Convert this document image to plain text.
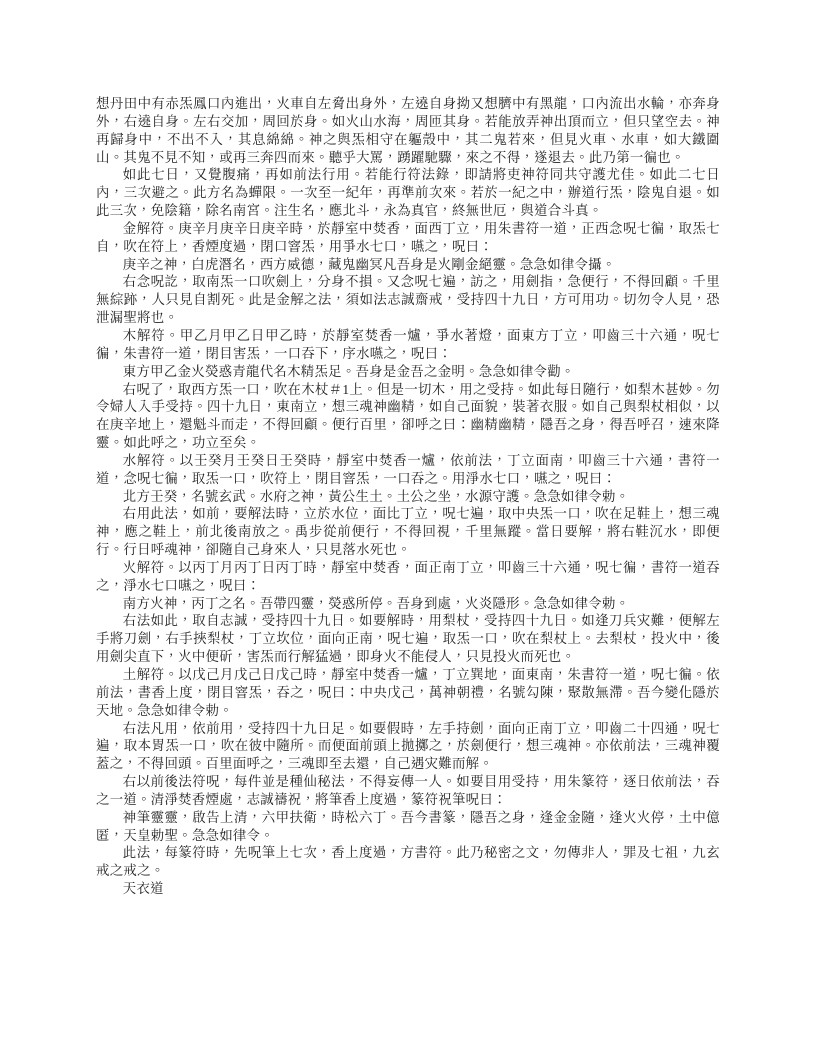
想丹田中有赤炁鳳口內進出，火車自左脅出身外，左遶自身拗又想臍中有黑龍，口內流出水輪，亦奔身外，右遶自身。左右交加，周回於身。如火山水海，周匝其身。若能放弄神出頂而立，但只望空去。神再歸身中，不出不入，其息綿綿。神之與炁相守在軀殼中，其二鬼若來，但見火車、水車，如大鐵圍山。其鬼不見不知，或再三奔四而來。聽乎大罵，踴躍馳驟，來之不得，遂退去。此乃第一徧也。

如此七日，又覺腹痛，再如前法行用。若能行符法錄，即請將吏神符同共守護尤佳。如此二七日內，三次避之。此方名為蟬限。一次至一紀年，再準前次來。若於一紀之中，辦道行炁，陰鬼自退。如此三次，免陰籍，除名南宮。注生名，應北斗，永為真官，終無世厄，與道合斗真。

金解符。庚辛月庚辛日庚辛時，於靜室中焚香，面西丁立，用朱書符一道，正西念呪七徧，取炁七自，吹在符上，香煙度過，閉口窨炁，用爭水七口，嚥之，呪曰：

庚辛之神，白虎潛名，西方威德，藏鬼幽冥凡吾身是火剛金絕靈。急急如律令攝。

右念呪訖，取南炁一口吹劍上，分身不損。又念呪七遍，訪之，用劍指，急便行，不得回顧。千里無綜跡，人只見自割死。此是金解之法，須如法志誠齋戒，受持四十九日，方可用功。切勿令人見，恐泄漏聖將也。

木解符。甲乙月甲乙日甲乙時，於靜室焚香一爐，爭水著燈，面東方丁立，叩齒三十六通，呪七徧，朱書符一道，閉目害炁，一口吞下，序水嚥之，呪曰：

東方甲乙金火熒惑青龍代名木精炁足。吾身是金吾之金明。急急如律令勸。

右呪了，取西方炁一口，吹在木杖＃1上。但是一切木，用之受持。如此每日隨行，如梨木甚妙。勿令婦人入手受持。四十九日，東南立，想三魂神幽精，如自己面貌，裝著衣服。如自己與梨杖相似，以在庚辛地上，還魁斗而走，不得回顧。便行百里，卻呼之曰：幽精幽精，隱吾之身，得吾呼召，速來降靈。如此呼之，功立至矣。

水解符。以壬癸月壬癸日壬癸時，靜室中焚香一爐，依前法，丁立面南，叩齒三十六通，書符一道，念呪七徧，取炁一口，吹符上，閉目窨炁，一口吞之。用淨水七口，嚥之，呪曰：

北方壬癸，名號玄武。水府之神，黃公生土。土公之坐，水源守護。急急如律令勅。

右用此法，如前，要解法時，立於水位，面比丁立，呪七遍，取中央炁一口，吹在足鞋上，想三魂神，應之鞋上，前北後南放之。禹步從前便行，不得回視，千里無蹤。當日要解，將右鞋沉水，即便行。行日呼魂神，卻隨自己身來人，只見落水死也。

火解符。以丙丁月丙丁日丙丁時，靜室中焚香，面正南丁立，叩齒三十六通，呪七徧，書符一道吞之，淨水七口嚥之，呪曰：

南方火神，丙丁之名。吾帶四靈，熒惑所停。吾身到處，火炎隱形。急急如律令勅。

右法如此，取自志誠，受持四十九日。如要解時，用梨杖，受持四十九日。如逢刀兵灾難，便解左手將刀劍，右手挾梨杖，丁立坎位，面向正南，呪七遍，取炁一口，吹在梨杖上。去梨杖，投火中，後用劍尖直下，火中便斫，害炁而行解猛過，即身火不能侵人，只見投火而死也。

土解符。以戊己月戊己日戊己時，靜室中焚香一爐，丁立巽地，面東南，朱書符一道，呪七徧。依前法，書香上度，閉目窨炁，吞之，呪曰：中央戊己，萬神朝禮，名號勾陳，聚散無滯。吾今變化隱於天地。急急如律令勅。

右法凡用，依前用，受持四十九日足。如要假時，左手持劍，面向正南丁立，叩齒二十四通，呪七遍，取本胃炁一口，吹在彼中隨所。而便面前頭上拋擲之，於劍便行，想三魂神。亦依前法，三魂神覆蓋之，不得回頭。百里面呼之，三魂即至去還，自己遇灾難而解。

右以前後法符呪，每件並是種仙秘法，不得妄傳一人。如要目用受持，用朱篆符，逐日依前法，吞之一道。清淨焚香煙處，志誠禱祝，將筆香上度過，篆符祝筆呪曰：

神筆靈靈，啟告上清，六甲扶衛，時松六丁。吾今書篆，隱吾之身，逢金金隨，逢火火停，土中億匿，天皇勅聖。急急如律令。

此法，每篆符時，先呪筆上七次，香上度過，方書符。此乃秘密之文，勿傳非人，罪及七祖，九玄戒之戒之。

天衣道
